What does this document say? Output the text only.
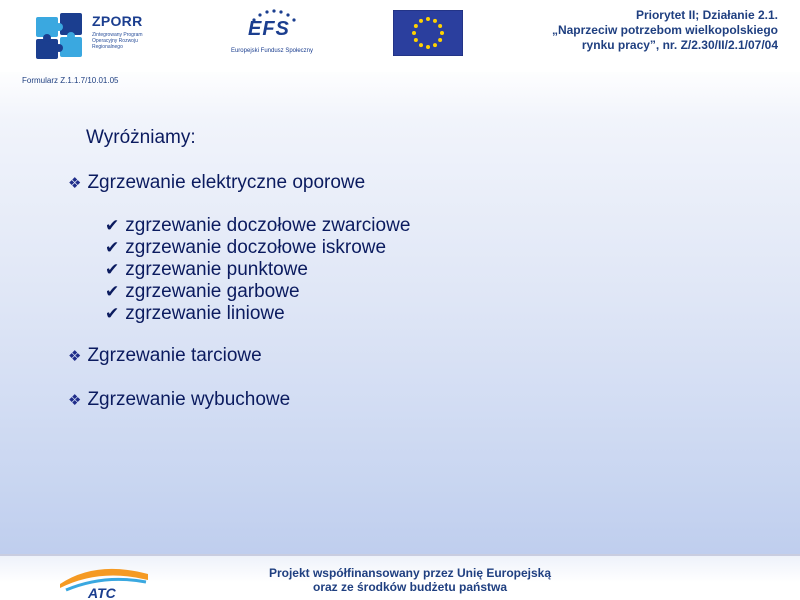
ZPORR
Zintegrowany Program Operacyjny Rozwoju Regionalnego
EFS
Europejski Fundusz Społeczny
Priorytet II; Działanie 2.1.
„Naprzeciw potrzebom wielkopolskiego
rynku pracy”, nr. Z/2.30/II/2.1/07/04
Formularz Z.1.1.7/10.01.05
Wyróżniamy:
❖ Zgrzewanie elektryczne oporowe
✔ zgrzewanie doczołowe zwarciowe
✔ zgrzewanie doczołowe iskrowe
✔ zgrzewanie punktowe
✔ zgrzewanie garbowe
✔ zgrzewanie liniowe
❖ Zgrzewanie tarciowe
❖ Zgrzewanie wybuchowe
ATC
Projekt współfinansowany przez Unię Europejską
oraz ze środków budżetu państwa
